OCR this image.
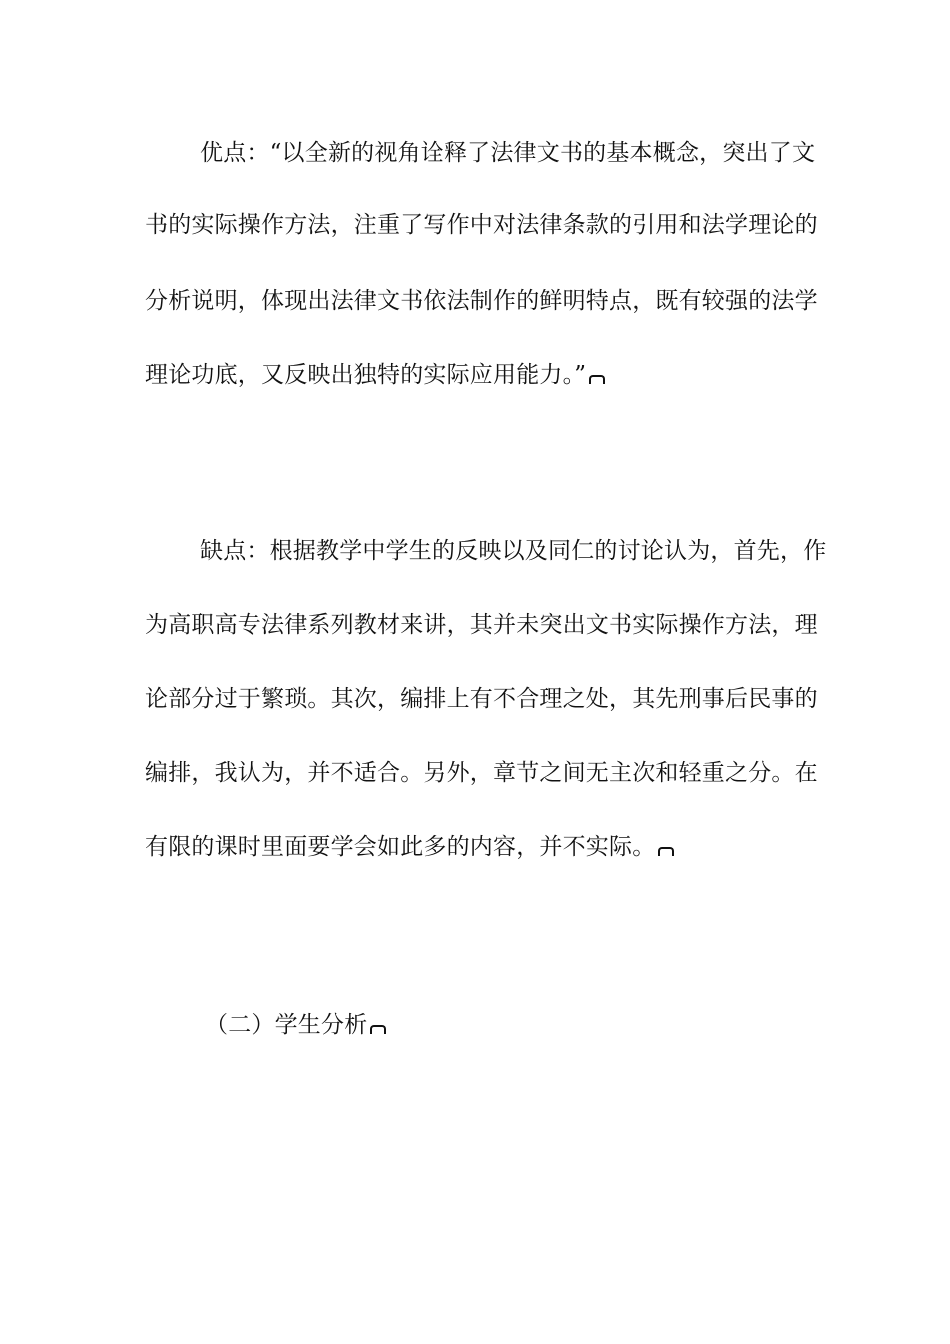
优点：“以全新的视角诠释了法律文书的基本概念，突出了文
书的实际操作方法，注重了写作中对法律条款的引用和法学理论的
分析说明，体现出法律文书依法制作的鲜明特点，既有较强的法学
理论功底，又反映出独特的实际应用能力。”
缺点：根据教学中学生的反映以及同仁的讨论认为，首先，作
为高职高专法律系列教材来讲，其并未突出文书实际操作方法，理
论部分过于繁琐。其次，编排上有不合理之处，其先刑事后民事的
编排，我认为，并不适合。另外，章节之间无主次和轻重之分。在
有限的课时里面要学会如此多的内容，并不实际。
（二）学生分析
